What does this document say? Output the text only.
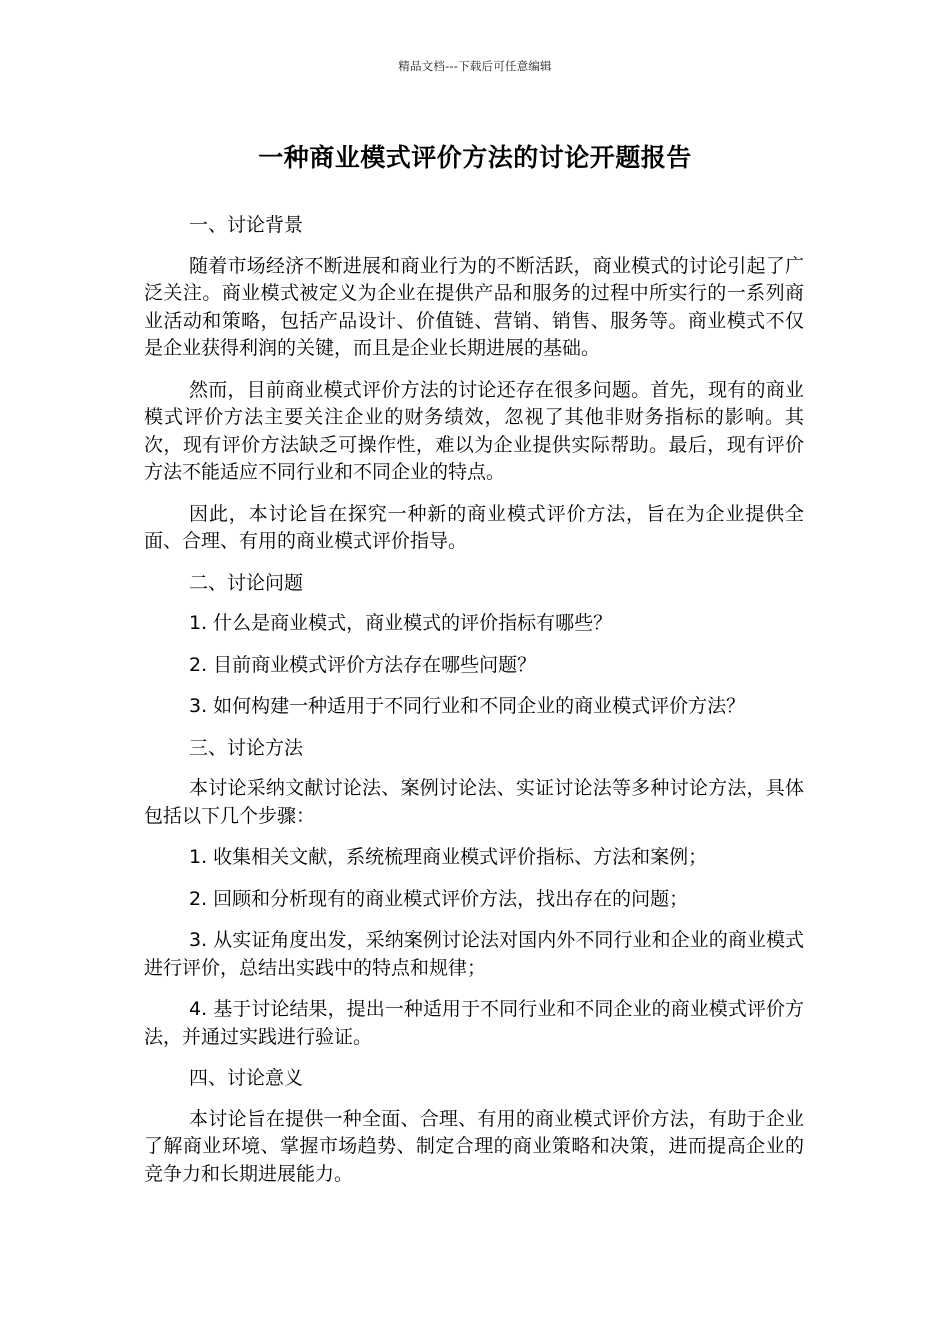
精品文档---下载后可任意编辑
一种商业模式评价方法的讨论开题报告

一、讨论背景

随着市场经济不断进展和商业行为的不断活跃，商业模式的讨论引起了广泛关注。商业模式被定义为企业在提供产品和服务的过程中所实行的一系列商业活动和策略，包括产品设计、价值链、营销、销售、服务等。商业模式不仅是企业获得利润的关键，而且是企业长期进展的基础。

然而，目前商业模式评价方法的讨论还存在很多问题。首先，现有的商业模式评价方法主要关注企业的财务绩效，忽视了其他非财务指标的影响。其次，现有评价方法缺乏可操作性，难以为企业提供实际帮助。最后，现有评价方法不能适应不同行业和不同企业的特点。

因此，本讨论旨在探究一种新的商业模式评价方法，旨在为企业提供全面、合理、有用的商业模式评价指导。

二、讨论问题

1. 什么是商业模式，商业模式的评价指标有哪些？

2. 目前商业模式评价方法存在哪些问题？

3. 如何构建一种适用于不同行业和不同企业的商业模式评价方法？

三、讨论方法

本讨论采纳文献讨论法、案例讨论法、实证讨论法等多种讨论方法，具体包括以下几个步骤：

1. 收集相关文献，系统梳理商业模式评价指标、方法和案例；

2. 回顾和分析现有的商业模式评价方法，找出存在的问题；

3. 从实证角度出发，采纳案例讨论法对国内外不同行业和企业的商业模式进行评价，总结出实践中的特点和规律；

4. 基于讨论结果，提出一种适用于不同行业和不同企业的商业模式评价方法，并通过实践进行验证。

四、讨论意义

本讨论旨在提供一种全面、合理、有用的商业模式评价方法，有助于企业了解商业环境、掌握市场趋势、制定合理的商业策略和决策，进而提高企业的竞争力和长期进展能力。
